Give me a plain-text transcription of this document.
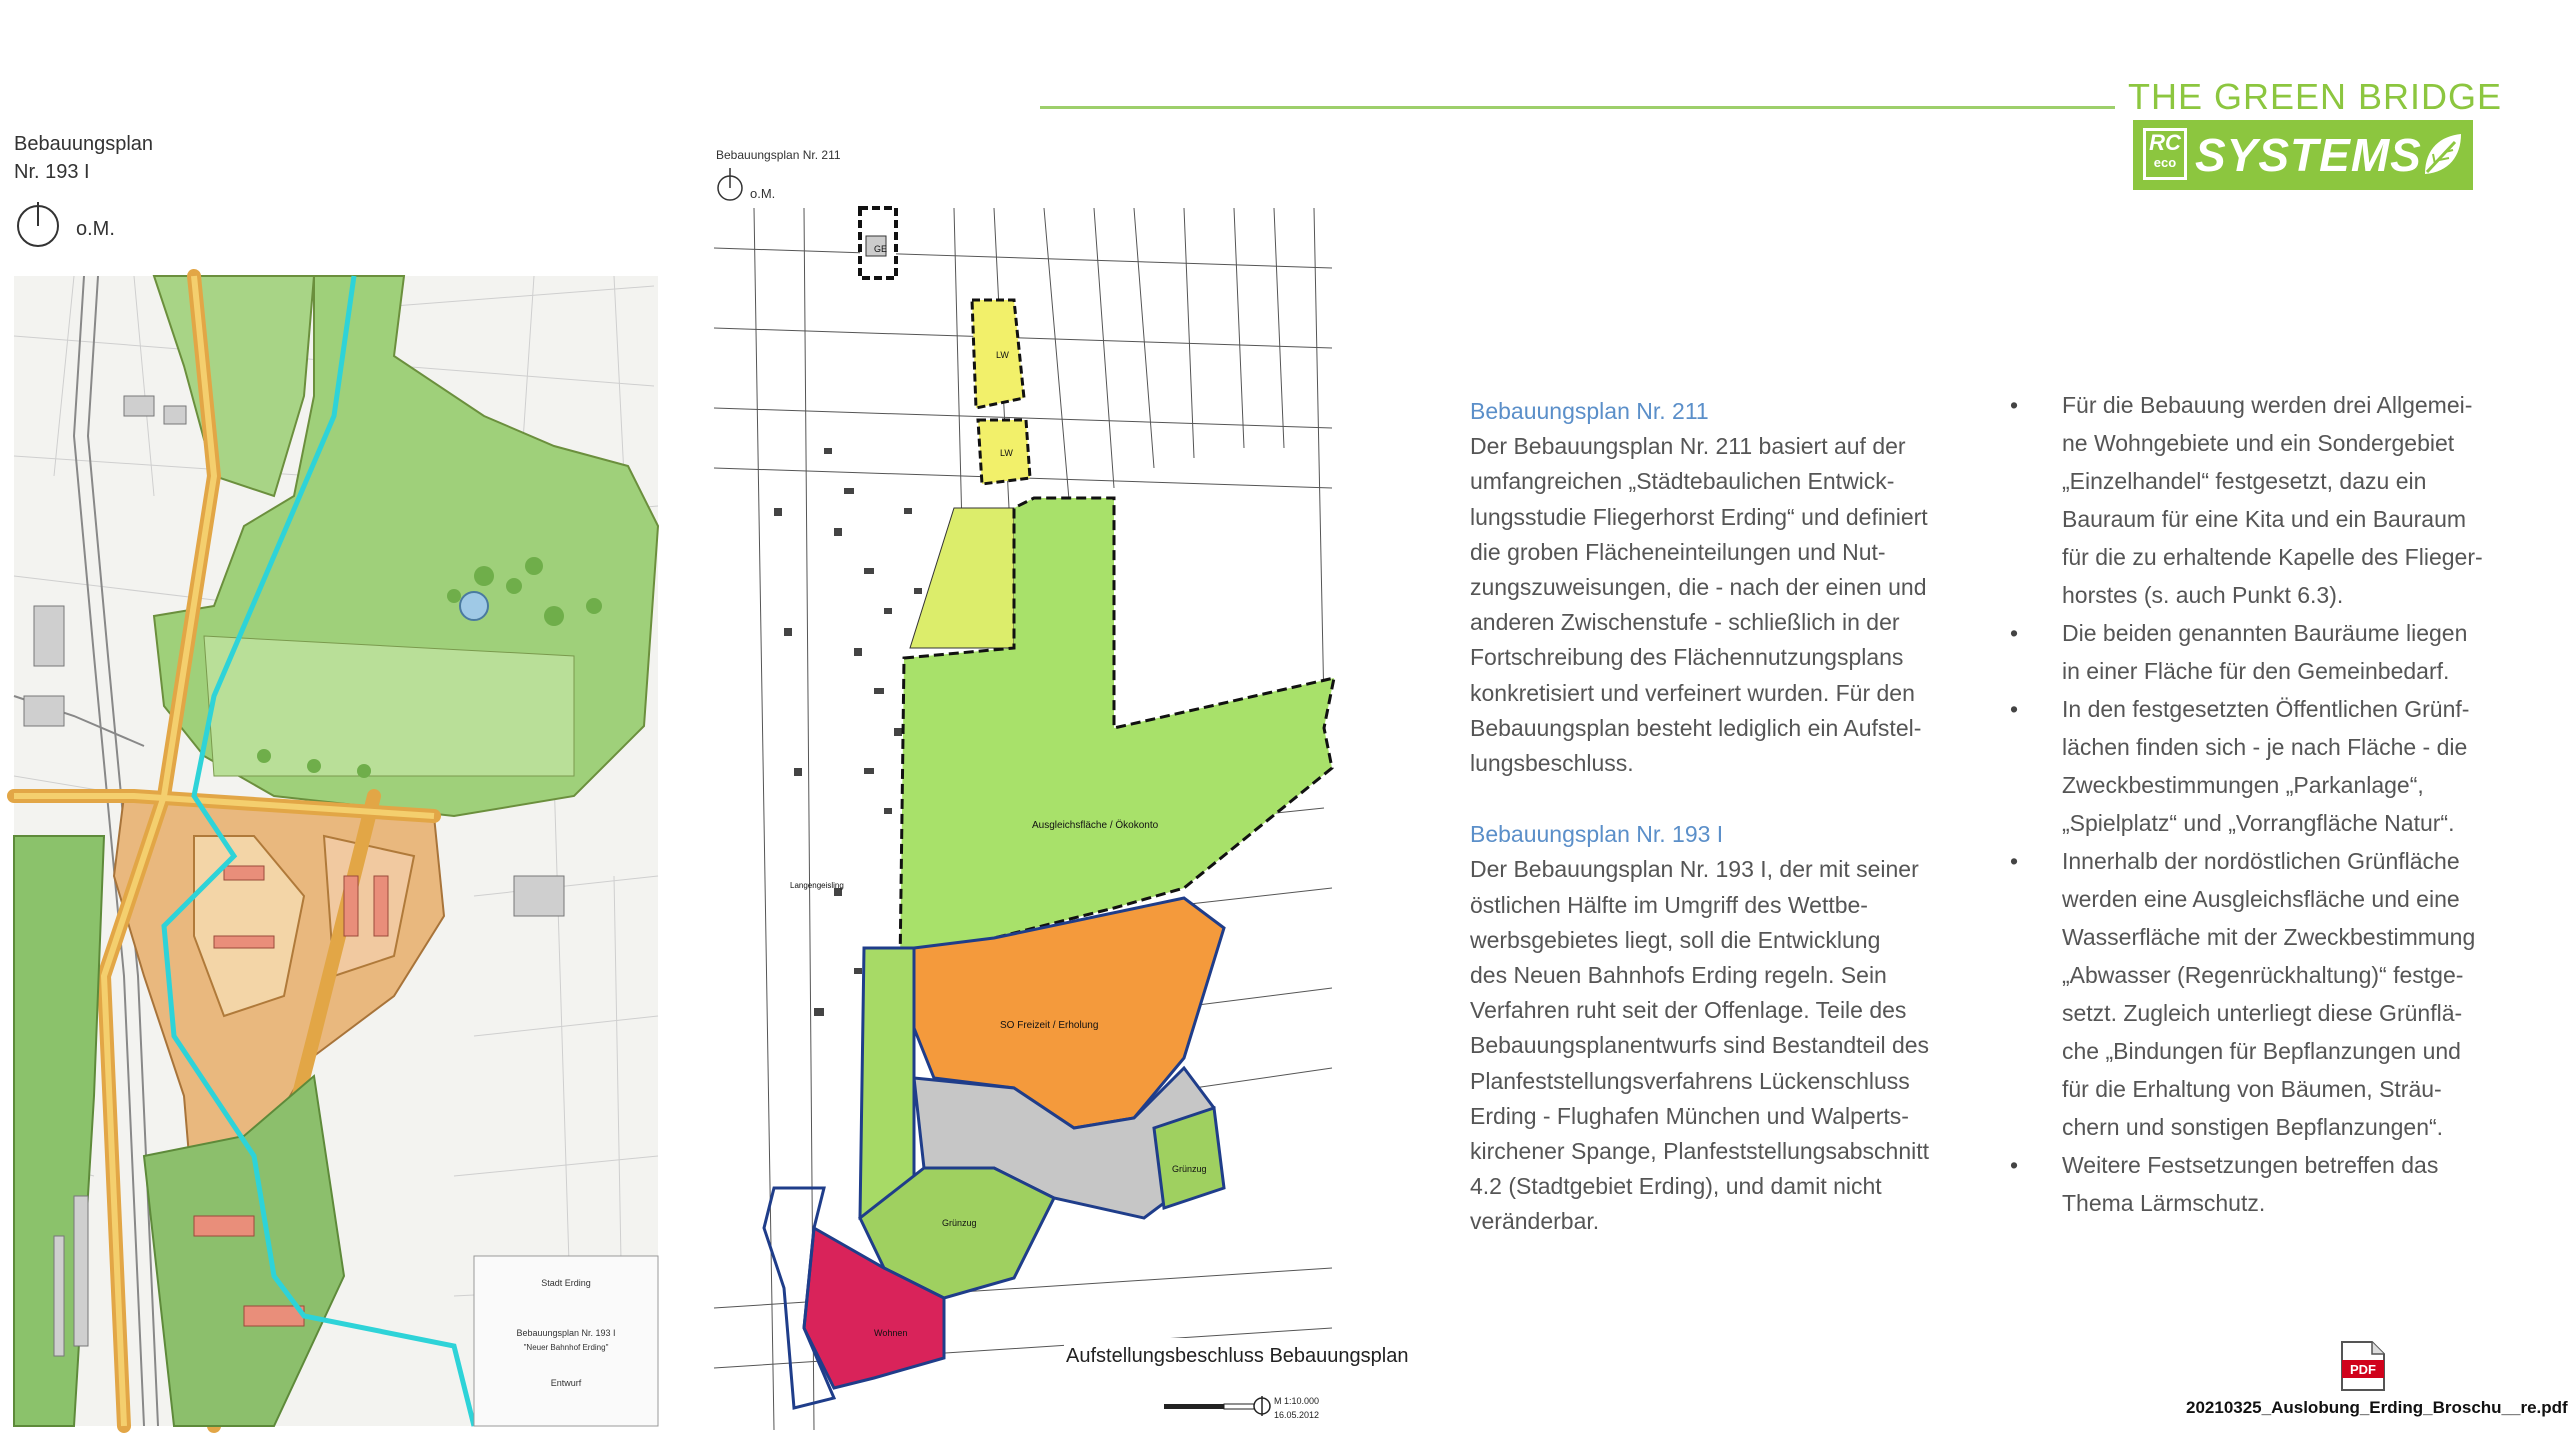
THE GREEN BRIDGE
RC
eco SYSTEMS
Bebauungsplan
Nr. 193 I
o.M.
Stadt Erding
Bebauungsplan Nr. 193 I
"Neuer Bahnhof Erding"
Entwurf
Bebauungsplan Nr. 211
o.M.
GE
LW
LW
Ausgleichsfläche / Ökokonto
SO Freizeit / Erholung
Grünzug
Grünzug
Wohnen
Langengeisling
Aufstellungsbeschluss Bebauungsplan
M 1:10.000
16.05.2012

Bebauungsplan Nr. 211

Der Bebauungsplan Nr. 211 basiert auf der

umfangreichen „Städtebaulichen Entwick-

lungsstudie Fliegerhorst Erding“ und definiert

die groben Flächeneinteilungen und Nut-

zungszuweisungen, die - nach der einen und

anderen Zwischenstufe - schließlich in der

Fortschreibung des Flächennutzungsplans

konkretisiert und verfeinert wurden. Für den

Bebauungsplan besteht lediglich ein Aufstel-

lungsbeschluss.

Bebauungsplan Nr. 193 I

Der Bebauungsplan Nr. 193 I, der mit seiner

östlichen Hälfte im Umgriff des Wettbe-

werbsgebietes liegt, soll die Entwicklung

des Neuen Bahnhofs Erding regeln. Sein

Verfahren ruht seit der Offenlage. Teile des

Bebauungsplanentwurfs sind Bestandteil des

Planfeststellungsverfahrens Lückenschluss

Erding - Flughafen München und Walperts-

kirchener Spange, Planfeststellungsabschnitt

4.2 (Stadtgebiet Erding), und damit nicht

veränderbar.

• Für die Bebauung werden drei Allgemei-
ne Wohngebiete und ein Sondergebiet
„Einzelhandel“ festgesetzt, dazu ein
Bauraum für eine Kita und ein Bauraum
für die zu erhaltende Kapelle des Flieger-
horstes (s. auch Punkt 6.3).
• Die beiden genannten Bauräume liegen
in einer Fläche für den Gemeinbedarf.
• In den festgesetzten Öffentlichen Grünf-
lächen finden sich - je nach Fläche - die
Zweckbestimmungen „Parkanlage“,
„Spielplatz“ und „Vorrangfläche Natur“.
• Innerhalb der nordöstlichen Grünfläche
werden eine Ausgleichsfläche und eine
Wasserfläche mit der Zweckbestimmung
„Abwasser (Regenrückhaltung)“ festge-
setzt. Zugleich unterliegt diese Grünflä-
che „Bindungen für Bepflanzungen und
für die Erhaltung von Bäumen, Sträu-
chern und sonstigen Bepflanzungen“.
• Weitere Festsetzungen betreffen das
Thema Lärmschutz.
PDF
20210325_Auslobung_Erding_Broschu__re.pdf
